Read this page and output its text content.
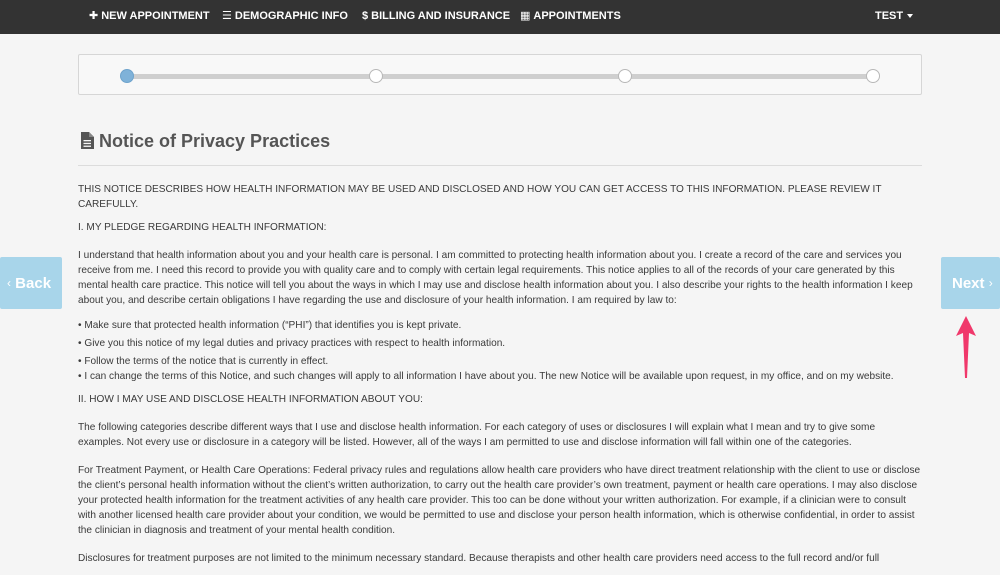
✚ NEW APPOINTMENT ☰ DEMOGRAPHIC INFO $ BILLING AND INSURANCE ▦ APPOINTMENTS	TEST
‹ Back	Next ›
Notice of Privacy Practices

THIS NOTICE DESCRIBES HOW HEALTH INFORMATION MAY BE USED AND DISCLOSED AND HOW YOU CAN GET ACCESS TO THIS INFORMATION. PLEASE REVIEW IT CAREFULLY.

I. MY PLEDGE REGARDING HEALTH INFORMATION:

I understand that health information about you and your health care is personal. I am committed to protecting health information about you. I create a record of the care and services you receive from me. I need this record to provide you with quality care and to comply with certain legal requirements. This notice applies to all of the records of your care generated by this mental health care practice. This notice will tell you about the ways in which I may use and disclose health information about you. I also describe your rights to the health information I keep about you, and describe certain obligations I have regarding the use and disclosure of your health information. I am required by law to:

• Make sure that protected health information (“PHI”) that identifies you is kept private.
• Give you this notice of my legal duties and privacy practices with respect to health information.
• Follow the terms of the notice that is currently in effect.

• I can change the terms of this Notice, and such changes will apply to all information I have about you. The new Notice will be available upon request, in my office, and on my website.

II. HOW I MAY USE AND DISCLOSE HEALTH INFORMATION ABOUT YOU:

The following categories describe different ways that I use and disclose health information. For each category of uses or disclosures I will explain what I mean and try to give some examples. Not every use or disclosure in a category will be listed. However, all of the ways I am permitted to use and disclose information will fall within one of the categories.

For Treatment Payment, or Health Care Operations: Federal privacy rules and regulations allow health care providers who have direct treatment relationship with the client to use or disclose the client’s personal health information without the client’s written authorization, to carry out the health care provider’s own treatment, payment or health care operations. I may also disclose your protected health information for the treatment activities of any health care provider. This too can be done without your written authorization. For example, if a clinician were to consult with another licensed health care provider about your condition, we would be permitted to use and disclose your person health information, which is otherwise confidential, in order to assist the clinician in diagnosis and treatment of your mental health condition.

Disclosures for treatment purposes are not limited to the minimum necessary standard. Because therapists and other health care providers need access to the full record and/or full
